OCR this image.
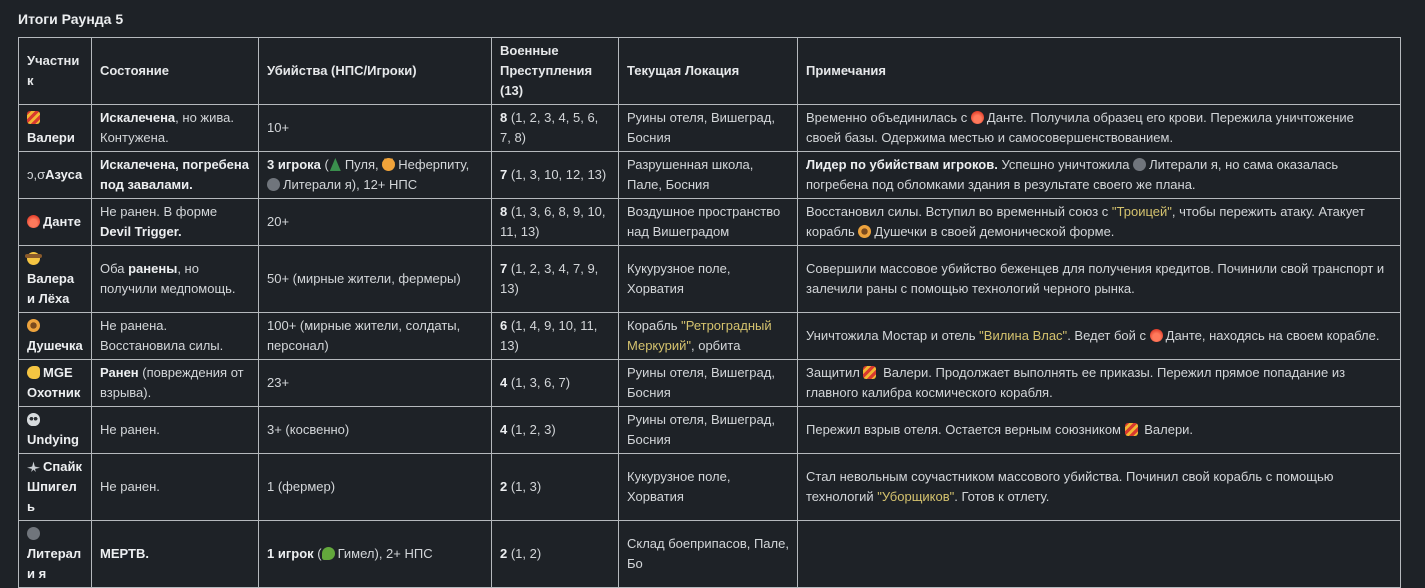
Итоги Раунда 5
Участник	Состояние	Убийства (НПС/Игроки)	Военные Преступления (13)	Текущая Локация	Примечания
Валери	Искалечена, но жива. Контужена.	10+	8 (1, 2, 3, 4, 5, 6, 7, 8)	Руины отеля, Вишеград, Босния	Временно объединилась с Данте. Получила образец его крови. Пережила уничтожение своей базы. Одержима местью и самосовершенствованием.
ɔ,σАзуса	Искалечена, погребена под завалами.	3 игрока ( Пуля, Неферпиту, Литерали я), 12+ НПС	7 (1, 3, 10, 12, 13)	Разрушенная школа, Пале, Босния	Лидер по убийствам игроков. Успешно уничтожила Литерали я, но сама оказалась погребена под обломками здания в результате своего же плана.
Данте	Не ранен. В форме Devil Trigger.	20+	8 (1, 3, 6, 8, 9, 10, 11, 13)	Воздушное пространство над Вишеградом	Восстановил силы. Вступил во временный союз с "Троицей", чтобы пережить атаку. Атакует корабль Душечки в своей демонической форме.
Валера и Лёха	Оба ранены, но получили медпомощь.	50+ (мирные жители, фермеры)	7 (1, 2, 3, 4, 7, 9, 13)	Кукурузное поле, Хорватия	Совершили массовое убийство беженцев для получения кредитов. Починили свой транспорт и залечили раны с помощью технологий черного рынка.
Душечка	Не ранена. Восстановила силы.	100+ (мирные жители, солдаты, персонал)	6 (1, 4, 9, 10, 11, 13)	Корабль "Ретроградный Меркурий", орбита	Уничтожила Мостар и отель "Вилина Влас". Ведет бой с Данте, находясь на своем корабле.
MGE Охотник	Ранен (повреждения от взрыва).	23+	4 (1, 3, 6, 7)	Руины отеля, Вишеград, Босния	Защитил  Валери. Продолжает выполнять ее приказы. Пережил прямое попадание из главного калибра космического корабля.
Undying	Не ранен.	3+ (косвенно)	4 (1, 2, 3)	Руины отеля, Вишеград, Босния	Пережил взрыв отеля. Остается верным союзником  Валери.
Спайк Шпигель	Не ранен.	1 (фермер)	2 (1, 3)	Кукурузное поле, Хорватия	Стал невольным соучастником массового убийства. Починил свой корабль с помощью технологий "Уборщиков". Готов к отлету.
Литерали я	МЕРТВ.	1 игрок ( Гимел), 2+ НПС	2 (1, 2)	Склад боеприпасов, Пале, Бо	
